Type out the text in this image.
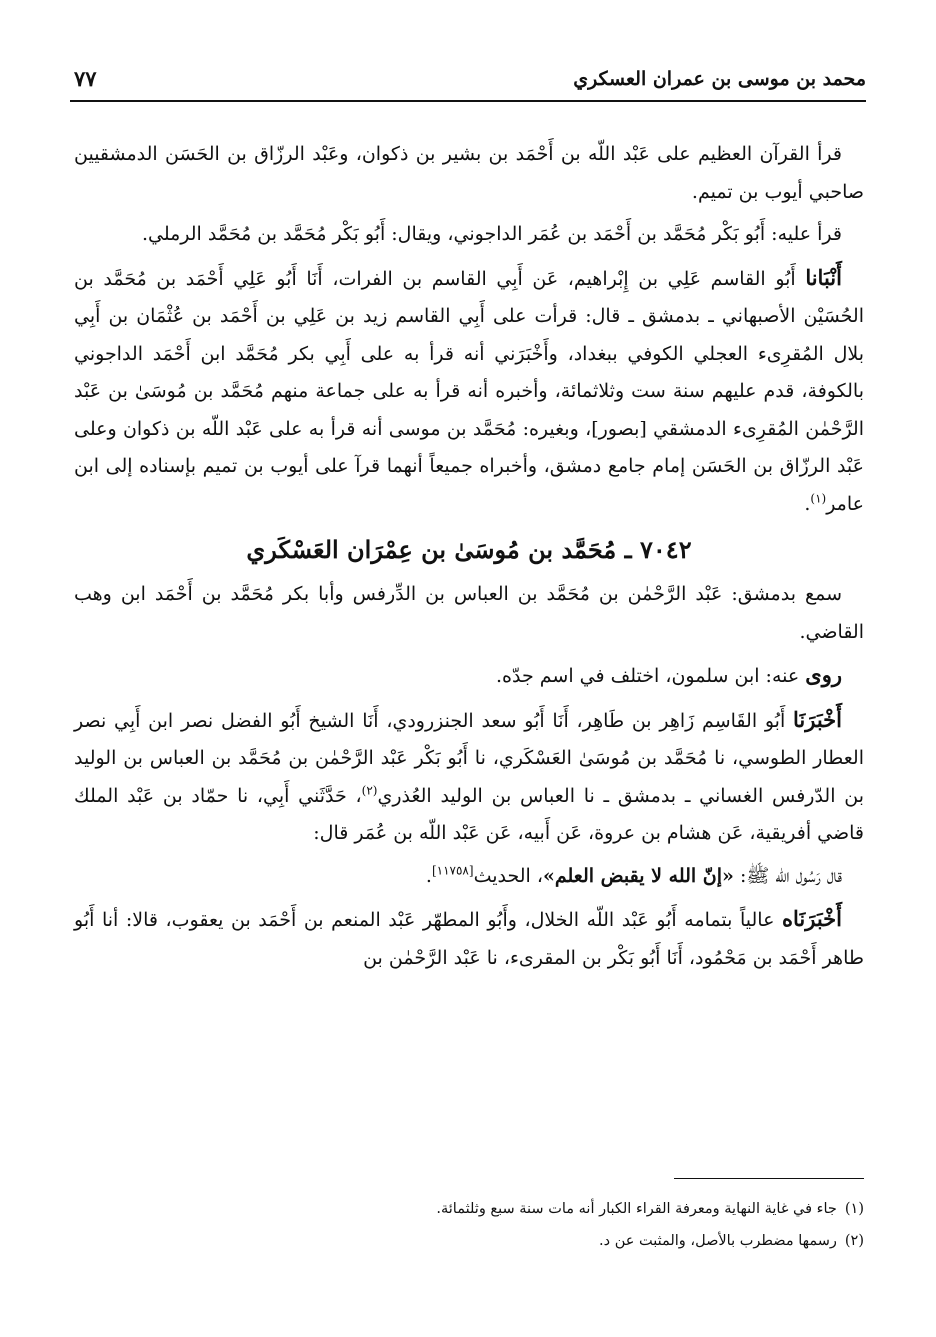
محمد بن موسى بن عمران العسكري
٧٧

قرأ القرآن العظيم على عَبْد اللّه بن أَحْمَد بن بشير بن ذكوان، وعَبْد الرزّاق بن الحَسَن الدمشقيين صاحبي أيوب بن تميم.

قرأ عليه: أَبُو بَكْر مُحَمَّد بن أَحْمَد بن عُمَر الداجوني، ويقال: أَبُو بَكْر مُحَمَّد بن مُحَمَّد الرملي.

أَنْبَانا أَبُو القاسم عَلِي بن إِبْراهيم، عَن أَبِي القاسم بن الفرات، أَنَا أَبُو عَلِي أَحْمَد بن مُحَمَّد بن الحُسَيْن الأصبهاني ـ بدمشق ـ قال: قرأت على أَبِي القاسم زيد بن عَلِي بن أَحْمَد بن عُثْمَان بن أَبِي بلال المُقرِىء العجلي الكوفي ببغداد، وأَخْبَرَني أنه قرأ به على أَبِي بكر مُحَمَّد ابن أَحْمَد الداجوني بالكوفة، قدم عليهم سنة ست وثلاثمائة، وأخبره أنه قرأ به على جماعة منهم مُحَمَّد بن مُوسَىٰ بن عَبْد الرَّحْمٰن المُقرِىء الدمشقي [بصور]، وبغيره: مُحَمَّد بن موسى أنه قرأ به على عَبْد اللّه بن ذكوان وعلى عَبْد الرزّاق بن الحَسَن إمام جامع دمشق، وأخبراه جميعاً أنهما قرآ على أيوب بن تميم بإسناده إلى ابن عامر$^{(١)}$.

٧٠٤٢ ـ مُحَمَّد بن مُوسَىٰ بن عِمْرَان العَسْكَري

سمع بدمشق: عَبْد الرَّحْمٰن بن مُحَمَّد بن العباس بن الدِّرفس وأبا بكر مُحَمَّد بن أَحْمَد ابن وهب القاضي.

روى عنه: ابن سلمون، اختلف في اسم جدّه.

أَخْبَرَنَا أَبُو القَاسِم زَاهِر بن طَاهِر، أَنَا أَبُو سعد الجنزرودي، أَنَا الشيخ أَبُو الفضل نصر ابن أَبِي نصر العطار الطوسي، نا مُحَمَّد بن مُوسَىٰ العَسْكَري، نا أَبُو بَكْر عَبْد الرَّحْمٰن بن مُحَمَّد بن العباس بن الوليد بن الدّرفس الغساني ـ بدمشق ـ نا العباس بن الوليد العُذري$^{(٢)}$، حَدَّثَني أَبِي، نا حمّاد بن عَبْد الملك قاضي أفريقية، عَن هشام بن عروة، عَن أَبيه، عَن عَبْد اللّه بن عُمَر قال:

قال رَسُول اللّه ﷺ: «إنّ الله لا يقبض العلم»، الحديث[١١٧٥٨].

أَخْبَرَنَاه عالياً بتمامه أَبُو عَبْد اللّه الخلال، وأَبُو المطهّر عَبْد المنعم بن أَحْمَد بن يعقوب، قالا: أنا أَبُو طاهر أَحْمَد بن مَحْمُود، أَنَا أَبُو بَكْر بن المقرىء، نا عَبْد الرَّحْمٰن بن

(١)جاء في غاية النهاية ومعرفة القراء الكبار أنه مات سنة سبع وثلثمائة.

(٢)رسمها مضطرب بالأصل، والمثبت عن د.
